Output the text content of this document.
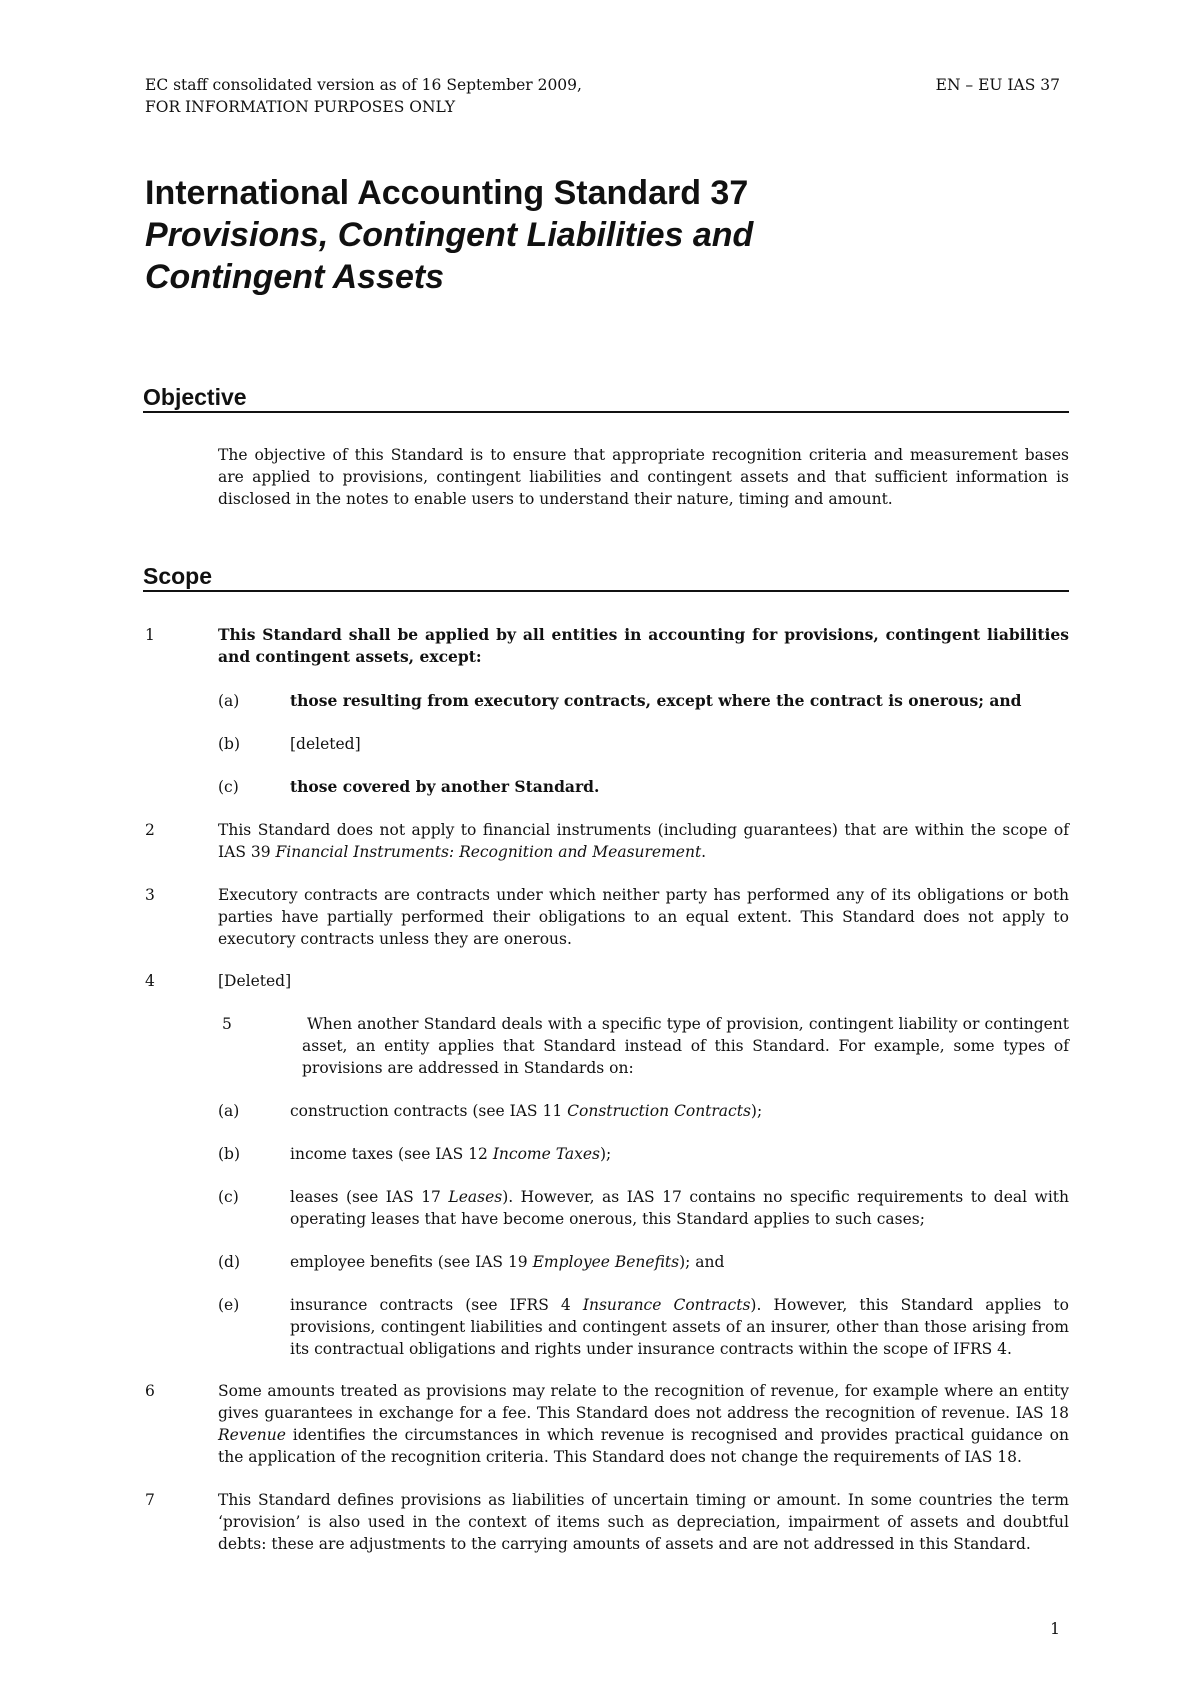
EC staff consolidated version as of 16 September 2009,
FOR INFORMATION PURPOSES ONLY
EN – EU IAS 37
International Accounting Standard 37
Provisions, Contingent Liabilities and
Contingent Assets
Objective
The objective of this Standard is to ensure that appropriate recognition criteria and measurement bases are applied to provisions, contingent liabilities and contingent assets and that sufficient information is disclosed in the notes to enable users to understand their nature, timing and amount.
Scope
1	This Standard shall be applied by all entities in accounting for provisions, contingent liabilities and contingent assets, except:
(a)	those resulting from executory contracts, except where the contract is onerous; and
(b)	[deleted]
(c)	those covered by another Standard.
2	This Standard does not apply to financial instruments (including guarantees) that are within the scope of IAS 39 Financial Instruments: Recognition and Measurement.
3	Executory contracts are contracts under which neither party has performed any of its obligations or both parties have partially performed their obligations to an equal extent. This Standard does not apply to executory contracts unless they are onerous.
4	[Deleted]
5	When another Standard deals with a specific type of provision, contingent liability or contingent asset, an entity applies that Standard instead of this Standard. For example, some types of provisions are addressed in Standards on:
(a)	construction contracts (see IAS 11 Construction Contracts);
(b)	income taxes (see IAS 12 Income Taxes);
(c)	leases (see IAS 17 Leases). However, as IAS 17 contains no specific requirements to deal with operating leases that have become onerous, this Standard applies to such cases;
(d)	employee benefits (see IAS 19 Employee Benefits); and
(e)	insurance contracts (see IFRS 4 Insurance Contracts). However, this Standard applies to provisions, contingent liabilities and contingent assets of an insurer, other than those arising from its contractual obligations and rights under insurance contracts within the scope of IFRS 4.
6	Some amounts treated as provisions may relate to the recognition of revenue, for example where an entity gives guarantees in exchange for a fee. This Standard does not address the recognition of revenue. IAS 18 Revenue identifies the circumstances in which revenue is recognised and provides practical guidance on the application of the recognition criteria. This Standard does not change the requirements of IAS 18.
7	This Standard defines provisions as liabilities of uncertain timing or amount. In some countries the term ‘provision’ is also used in the context of items such as depreciation, impairment of assets and doubtful debts: these are adjustments to the carrying amounts of assets and are not addressed in this Standard.
1
